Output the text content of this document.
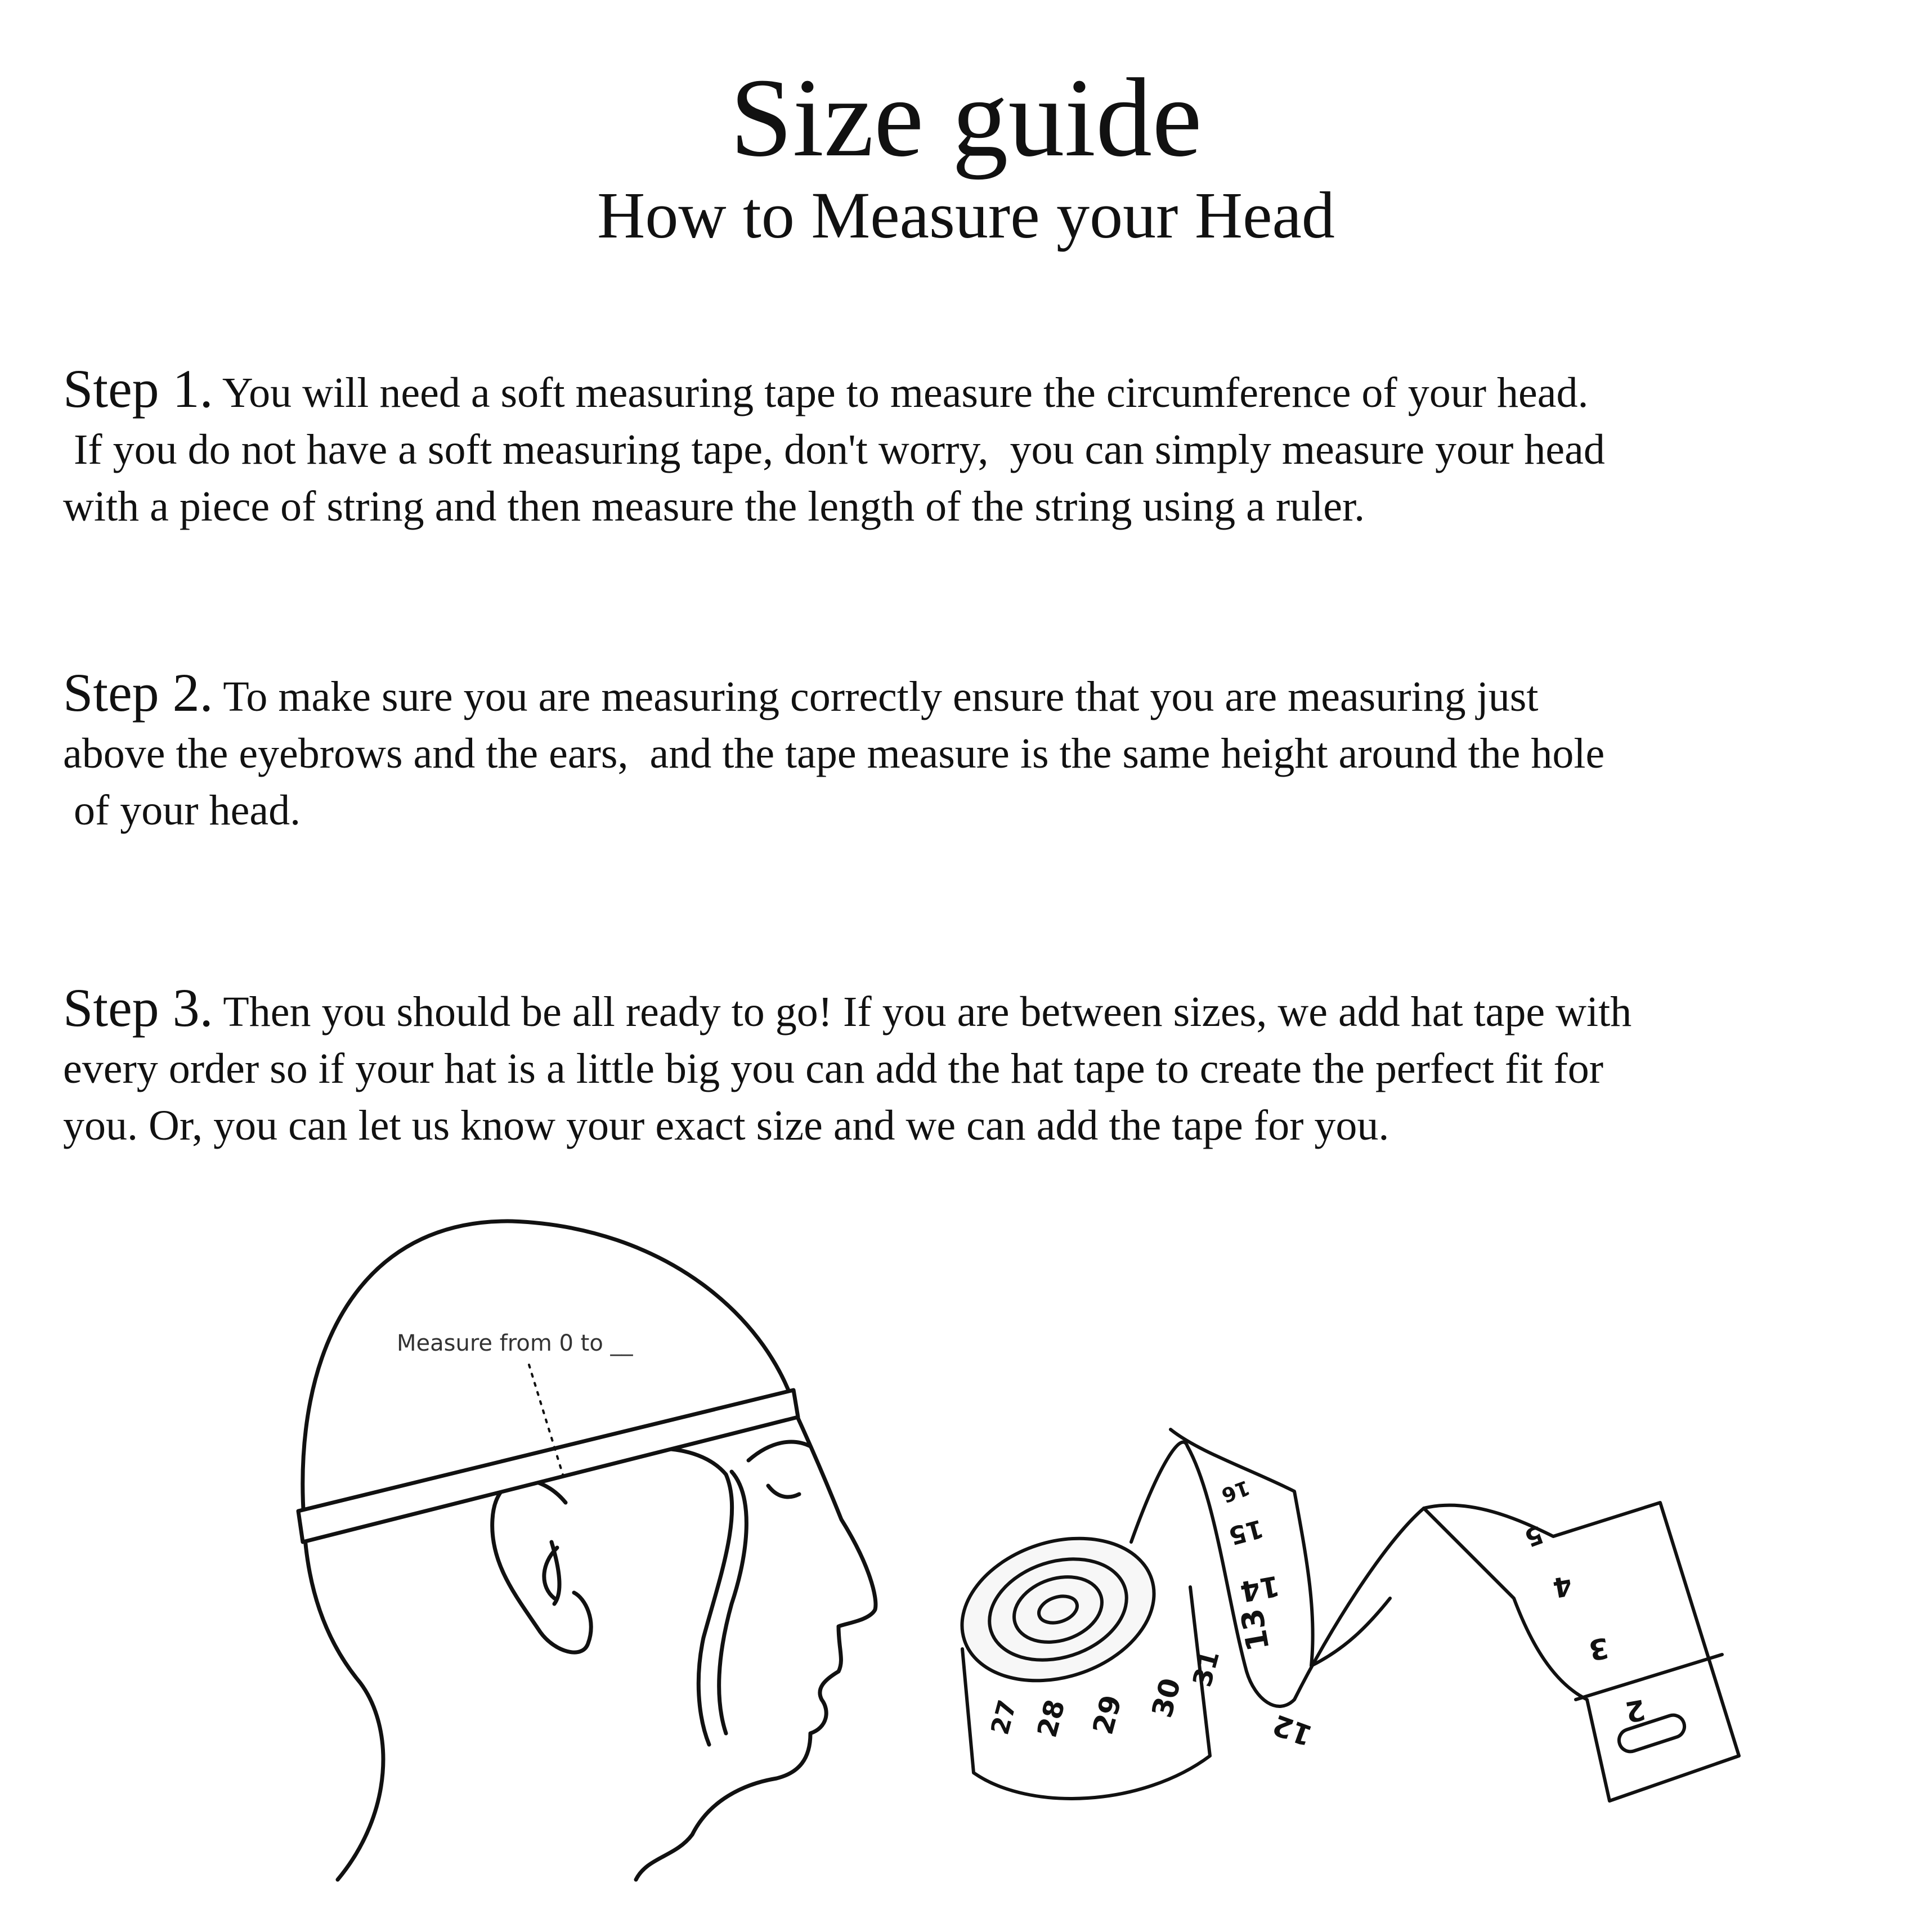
Size guide
How to Measure your Head
Step 1. You will need a soft measuring tape to measure the circumference of your head.
If you do not have a soft measuring tape, don't worry,  you can simply measure your head
with a piece of string and then measure the length of the string using a ruler.
Step 2. To make sure you are measuring correctly ensure that you are measuring just
above the eyebrows and the ears,  and the tape measure is the same height around the hole
of your head.
Step 3. Then you should be all ready to go! If you are between sizes, we add hat tape with
every order so if your hat is a little big you can add the hat tape to create the perfect fit for
you. Or, you can let us know your exact size and we can add the tape for you.
Measure from 0 to __
27 28 29 30
31
16
15
14
13
12
5
4
3
2
